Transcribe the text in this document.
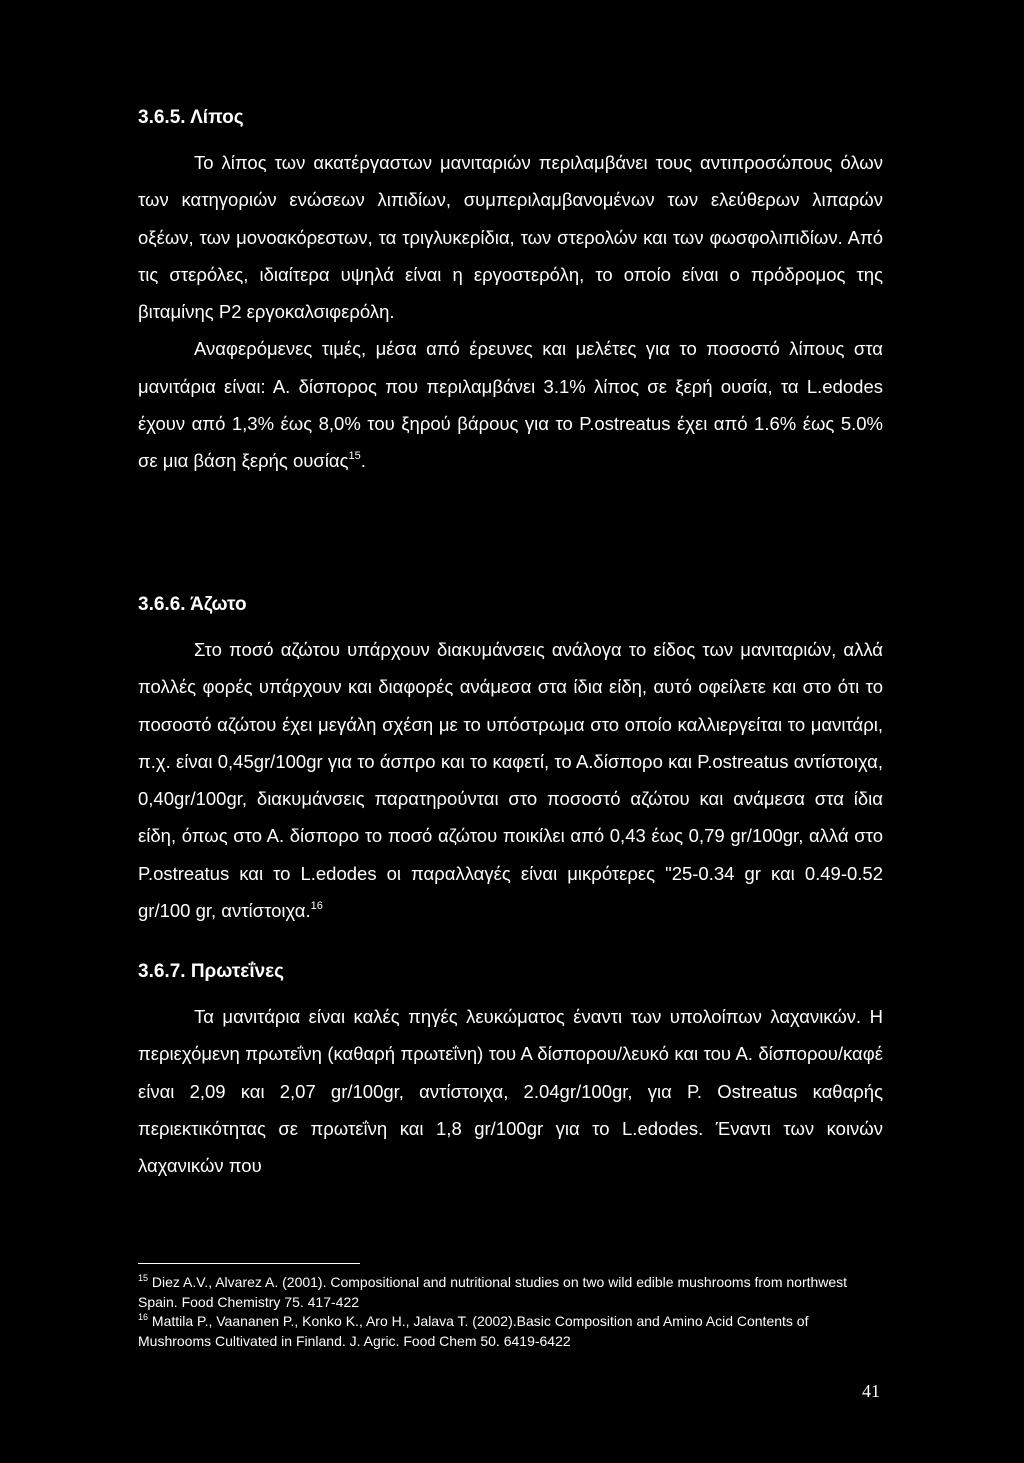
3.6.5. Λίπος

Το λίπος των ακατέργαστων μανιταριών περιλαμβάνει τους αντιπροσώπους όλων των κατηγοριών ενώσεων λιπιδίων, συμπεριλαμβανομένων των ελεύθερων λιπαρών οξέων, των μονοακόρεστων, τα τριγλυκερίδια, των στερολών και των φωσφολιπιδίων. Από τις στερόλες, ιδιαίτερα υψηλά είναι η εργοστερόλη, το οποίο είναι ο πρόδρομος της βιταμίνης P2 εργοκαλσιφερόλη.

Αναφερόμενες τιμές, μέσα από έρευνες και μελέτες για το ποσοστό λίπους στα μανιτάρια είναι: Α. δίσπορος που περιλαμβάνει 3.1% λίπος σε ξερή ουσία, τα L.edodes έχουν από 1,3% έως 8,0% του ξηρού βάρους για το P.ostreatus έχει από 1.6% έως 5.0% σε μια βάση ξερής ουσίας$^{15}$.

3.6.6. Άζωτο

Στο ποσό αζώτου υπάρχουν διακυμάνσεις ανάλογα το είδος των μανιταριών, αλλά πολλές φορές υπάρχουν και διαφορές ανάμεσα στα ίδια είδη, αυτό οφείλετε και στο ότι το ποσοστό αζώτου έχει μεγάλη σχέση με το υπόστρωμα στο οποίο καλλιεργείται το μανιτάρι, π.χ. είναι 0,45gr/100gr για το άσπρο και το καφετί, το Α.δίσπορο και P.ostreatus αντίστοιχα, 0,40gr/100gr, διακυμάνσεις παρατηρούνται στο ποσοστό αζώτου και ανάμεσα στα ίδια είδη, όπως στο Α. δίσπορο το ποσό αζώτου ποικίλει από 0,43 έως 0,79 gr/100gr, αλλά στο P.ostreatus και το L.edodes οι παραλλαγές είναι μικρότερες "25-0.34 gr και 0.49-0.52 gr/100 gr, αντίστοιχα.$^{16}$

3.6.7. Πρωτεΐνες

Τα μανιτάρια είναι καλές πηγές λευκώματος έναντι των υπολοίπων λαχανικών. Η περιεχόμενη πρωτεΐνη (καθαρή πρωτεΐνη) του Α δίσπορου/λευκό και του Α. δίσπορου/καφέ είναι 2,09 και 2,07 gr/100gr, αντίστοιχα, 2.04gr/100gr, για P. Ostreatus καθαρής περιεκτικότητας σε πρωτεΐνη και 1,8 gr/100gr για το L.edodes. Έναντι των κοινών λαχανικών που

$^{15}$ Diez A.V., Alvarez A. (2001). Compositional and nutritional studies on two wild edible mushrooms from northwest Spain. Food Chemistry 75. 417-422

$^{16}$ Mattila P., Vaananen P., Konko K., Aro H., Jalava T. (2002).Basic Composition and Amino Acid Contents of Mushrooms Cultivated in Finland. J. Agric. Food Chem 50. 6419-6422

41
